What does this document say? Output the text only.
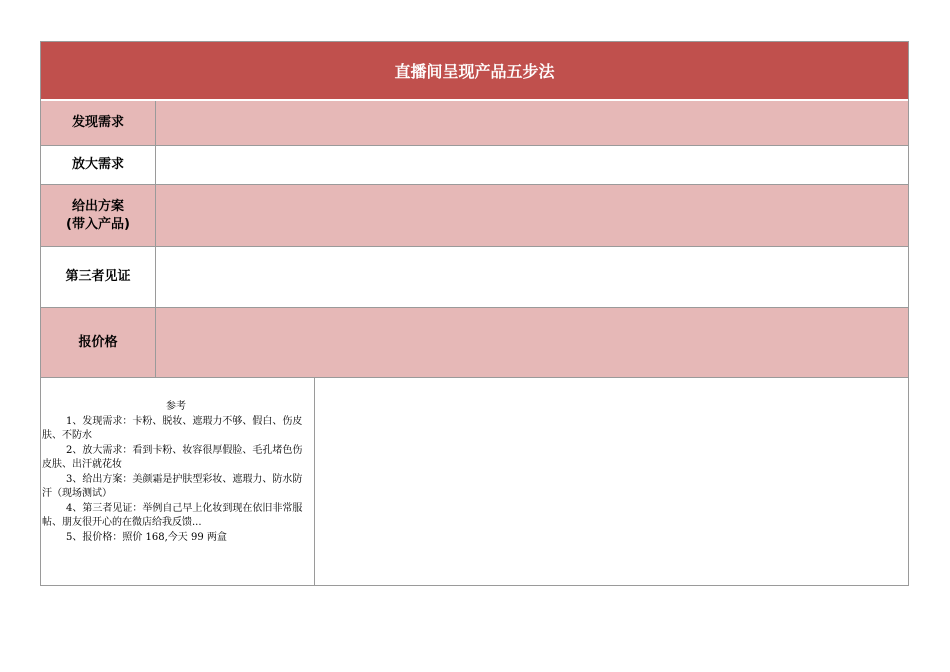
直播间呈现产品五步法
发现需求
放大需求
给出方案
(带入产品)
第三者见证
报价格
参考
1、发现需求：卡粉、脱妆、遮瑕力不够、假白、伤皮肤、不防水
2、放大需求：看到卡粉、妆容很厚假脸、毛孔堵色伤皮肤、出汗就花妆
3、给出方案：美颜霜是护肤型彩妆、遮瑕力、防水防汗（现场测试）
4、第三者见证：举例自己早上化妆到现在依旧非常服帖、朋友很开心的在微店给我反馈...
5、报价格：照价 168,今天 99 两盒
